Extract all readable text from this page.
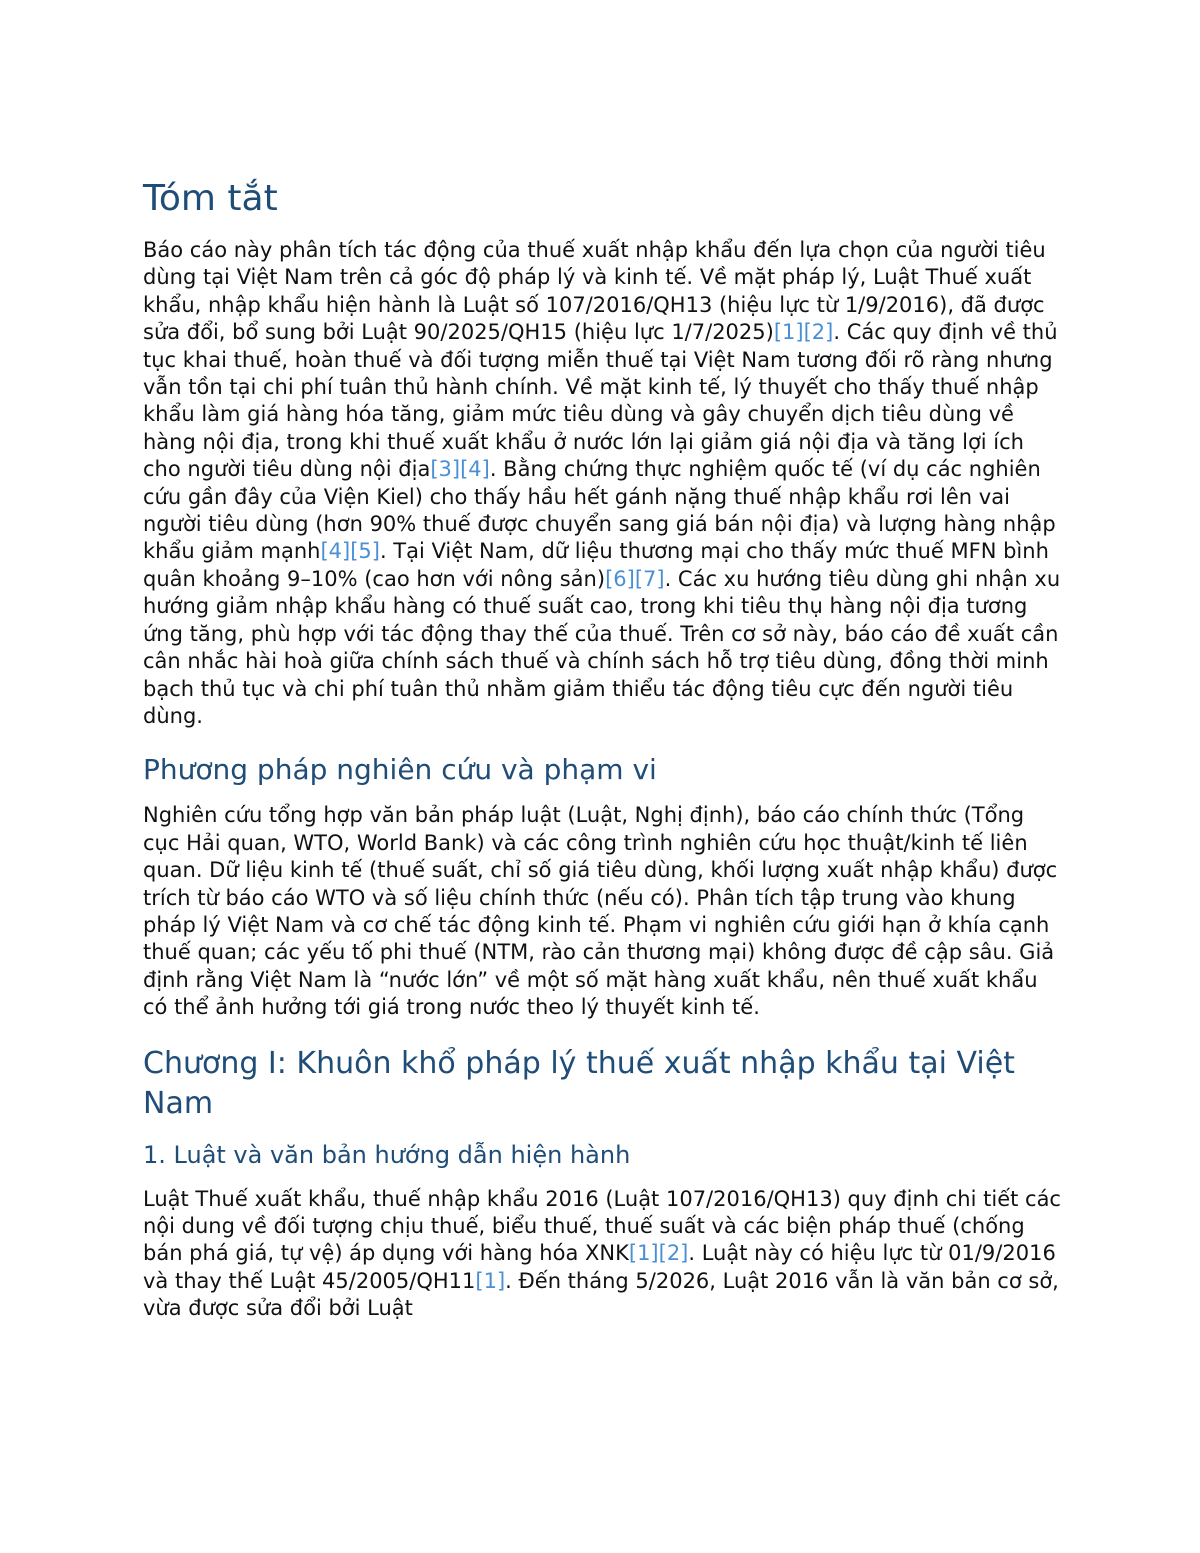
Tóm tắt

Báo cáo này phân tích tác động của thuế xuất nhập khẩu đến lựa chọn của người tiêu dùng tại Việt Nam trên cả góc độ pháp lý và kinh tế. Về mặt pháp lý, Luật Thuế xuất khẩu, nhập khẩu hiện hành là Luật số 107/2016/QH13 (hiệu lực từ 1/9/2016), đã được sửa đổi, bổ sung bởi Luật 90/2025/QH15 (hiệu lực 1/7/2025)[1][2]. Các quy định về thủ tục khai thuế, hoàn thuế và đối tượng miễn thuế tại Việt Nam tương đối rõ ràng nhưng vẫn tồn tại chi phí tuân thủ hành chính. Về mặt kinh tế, lý thuyết cho thấy thuế nhập khẩu làm giá hàng hóa tăng, giảm mức tiêu dùng và gây chuyển dịch tiêu dùng về hàng nội địa, trong khi thuế xuất khẩu ở nước lớn lại giảm giá nội địa và tăng lợi ích cho người tiêu dùng nội địa[3][4]. Bằng chứng thực nghiệm quốc tế (ví dụ các nghiên cứu gần đây của Viện Kiel) cho thấy hầu hết gánh nặng thuế nhập khẩu rơi lên vai người tiêu dùng (hơn 90% thuế được chuyển sang giá bán nội địa) và lượng hàng nhập khẩu giảm mạnh[4][5]. Tại Việt Nam, dữ liệu thương mại cho thấy mức thuế MFN bình quân khoảng 9–10% (cao hơn với nông sản)[6][7]. Các xu hướng tiêu dùng ghi nhận xu hướng giảm nhập khẩu hàng có thuế suất cao, trong khi tiêu thụ hàng nội địa tương ứng tăng, phù hợp với tác động thay thế của thuế. Trên cơ sở này, báo cáo đề xuất cần cân nhắc hài hoà giữa chính sách thuế và chính sách hỗ trợ tiêu dùng, đồng thời minh bạch thủ tục và chi phí tuân thủ nhằm giảm thiểu tác động tiêu cực đến người tiêu dùng.

Phương pháp nghiên cứu và phạm vi

Nghiên cứu tổng hợp văn bản pháp luật (Luật, Nghị định), báo cáo chính thức (Tổng cục Hải quan, WTO, World Bank) và các công trình nghiên cứu học thuật/kinh tế liên quan. Dữ liệu kinh tế (thuế suất, chỉ số giá tiêu dùng, khối lượng xuất nhập khẩu) được trích từ báo cáo WTO và số liệu chính thức (nếu có). Phân tích tập trung vào khung pháp lý Việt Nam và cơ chế tác động kinh tế. Phạm vi nghiên cứu giới hạn ở khía cạnh thuế quan; các yếu tố phi thuế (NTM, rào cản thương mại) không được đề cập sâu. Giả định rằng Việt Nam là “nước lớn” về một số mặt hàng xuất khẩu, nên thuế xuất khẩu có thể ảnh hưởng tới giá trong nước theo lý thuyết kinh tế.

Chương I: Khuôn khổ pháp lý thuế xuất nhập khẩu tại Việt Nam
1. Luật và văn bản hướng dẫn hiện hành

Luật Thuế xuất khẩu, thuế nhập khẩu 2016 (Luật 107/2016/QH13) quy định chi tiết các nội dung về đối tượng chịu thuế, biểu thuế, thuế suất và các biện pháp thuế (chống bán phá giá, tự vệ) áp dụng với hàng hóa XNK[1][2]. Luật này có hiệu lực từ 01/9/2016 và thay thế Luật 45/2005/QH11[1]. Đến tháng 5/2026, Luật 2016 vẫn là văn bản cơ sở, vừa được sửa đổi bởi Luật
